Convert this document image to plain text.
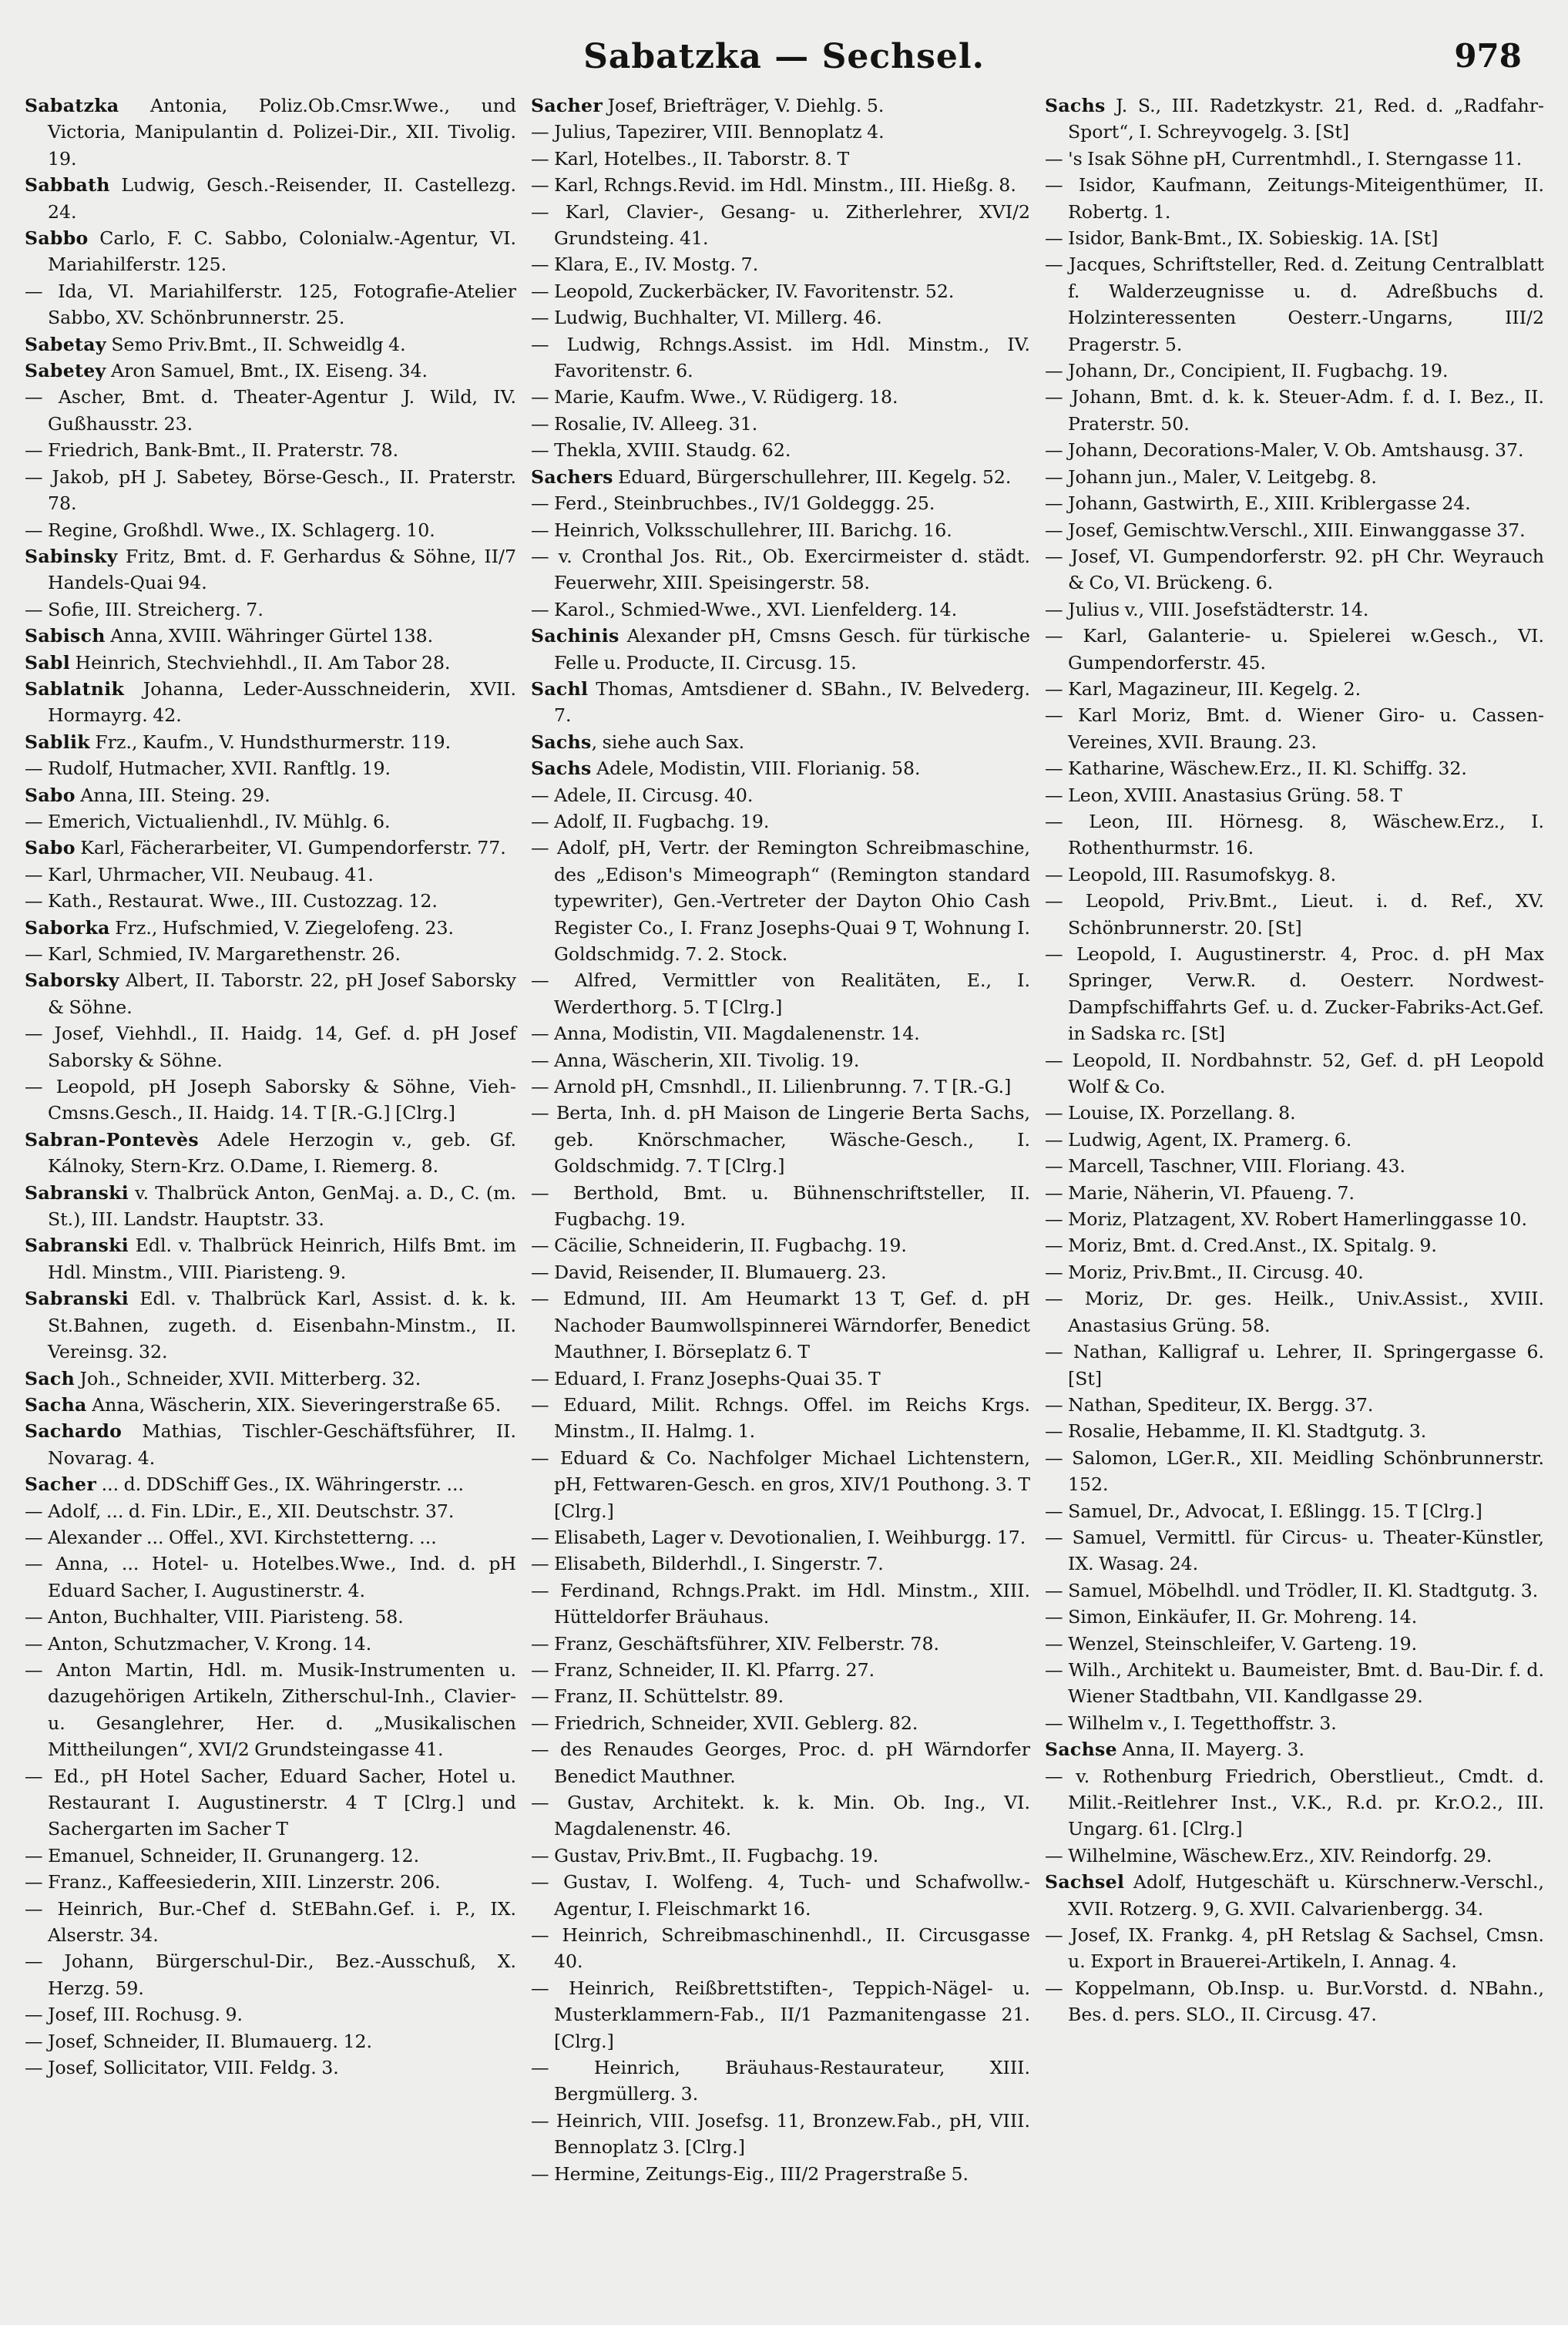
Sabatzka — Sechsel.	978
Sabatzka Antonia, Poliz.Ob.Cmsr.Wwe., und Victoria, Manipulantin d. Polizei-Dir., XII. Tivolig. 19.
Sabbath Ludwig, Gesch.-Reisender, II. Castellezg. 24.
Sabbo Carlo, F. C. Sabbo, Colonialw.-Agentur, VI. Mariahilferstr. 125.
— Ida, VI. Mariahilferstr. 125, Fotografie-Atelier Sabbo, XV. Schönbrunnerstr. 25.
Sabetay Semo Priv.Bmt., II. Schweidlg 4.
Sabetey Aron Samuel, Bmt., IX. Eiseng. 34.
— Ascher, Bmt. d. Theater-Agentur J. Wild, IV. Gußhausstr. 23.
— Friedrich, Bank-Bmt., II. Praterstr. 78.
— Jakob, pH J. Sabetey, Börse-Gesch., II. Praterstr. 78.
— Regine, Großhdl. Wwe., IX. Schlagerg. 10.
Sabinsky Fritz, Bmt. d. F. Gerhardus & Söhne, II/7 Handels-Quai 94.
— Sofie, III. Streicherg. 7.
Sabisch Anna, XVIII. Währinger Gürtel 138.
Sabl Heinrich, Stechviehhdl., II. Am Tabor 28.
Sablatnik Johanna, Leder-Ausschneiderin, XVII. Hormayrg. 42.
Sablik Frz., Kaufm., V. Hundsthurmerstr. 119.
— Rudolf, Hutmacher, XVII. Ranftlg. 19.
Sabo Anna, III. Steing. 29.
— Emerich, Victualienhdl., IV. Mühlg. 6.
Sabo Karl, Fächerarbeiter, VI. Gumpendorferstr. 77.
— Karl, Uhrmacher, VII. Neubaug. 41.
— Kath., Restaurat. Wwe., III. Custozzag. 12.
Saborka Frz., Hufschmied, V. Ziegelofeng. 23.
— Karl, Schmied, IV. Margarethenstr. 26.
Saborsky Albert, II. Taborstr. 22, pH Josef Saborsky & Söhne.
— Josef, Viehhdl., II. Haidg. 14, Gef. d. pH Josef Saborsky & Söhne.
— Leopold, pH Joseph Saborsky & Söhne, Vieh-Cmsns.Gesch., II. Haidg. 14. T [R.-G.] [Clrg.]
Sabran-Pontevès Adele Herzogin v., geb. Gf. Kálnoky, Stern-Krz. O.Dame, I. Riemerg. 8.
Sabranski v. Thalbrück Anton, GenMaj. a. D., C. (m. St.), III. Landstr. Hauptstr. 33.
Sabranski Edl. v. Thalbrück Heinrich, Hilfs Bmt. im Hdl. Minstm., VIII. Piaristeng. 9.
Sabranski Edl. v. Thalbrück Karl, Assist. d. k. k. St.Bahnen, zugeth. d. Eisenbahn-Minstm., II. Vereinsg. 32.
Sach Joh., Schneider, XVII. Mitterberg. 32.
Sacha Anna, Wäscherin, XIX. Sieveringerstraße 65.
Sachardo Mathias, Tischler-Geschäftsführer, II. Novarag. 4.
Sacher ... d. DDSchiff Ges., IX. Währingerstr. ...
— Adolf, ... d. Fin. LDir., E., XII. Deutschstr. 37.
— Alexander ... Offel., XVI. Kirchstetterng. ...
— Anna, ... Hotel- u. Hotelbes.Wwe., Ind. d. pH Eduard Sacher, I. Augustinerstr. 4.
— Anton, Buchhalter, VIII. Piaristeng. 58.
— Anton, Schutzmacher, V. Krong. 14.
— Anton Martin, Hdl. m. Musik-Instrumenten u. dazugehörigen Artikeln, Zitherschul-Inh., Clavier- u. Gesanglehrer, Her. d. „Musikalischen Mittheilungen“, XVI/2 Grundsteingasse 41.
— Ed., pH Hotel Sacher, Eduard Sacher, Hotel u. Restaurant I. Augustinerstr. 4 T [Clrg.] und Sachergarten im Sacher T
— Emanuel, Schneider, II. Grunangerg. 12.
— Franz., Kaffeesiederin, XIII. Linzerstr. 206.
— Heinrich, Bur.-Chef d. StEBahn.Gef. i. P., IX. Alserstr. 34.
— Johann, Bürgerschul-Dir., Bez.-Ausschuß, X. Herzg. 59.
— Josef, III. Rochusg. 9.
— Josef, Schneider, II. Blumauerg. 12.
— Josef, Sollicitator, VIII. Feldg. 3.
Sacher Josef, Briefträger, V. Diehlg. 5.
— Julius, Tapezirer, VIII. Bennoplatz 4.
— Karl, Hotelbes., II. Taborstr. 8. T
— Karl, Rchngs.Revid. im Hdl. Minstm., III. Hießg. 8.
— Karl, Clavier-, Gesang- u. Zitherlehrer, XVI/2 Grundsteing. 41.
— Klara, E., IV. Mostg. 7.
— Leopold, Zuckerbäcker, IV. Favoritenstr. 52.
— Ludwig, Buchhalter, VI. Millerg. 46.
— Ludwig, Rchngs.Assist. im Hdl. Minstm., IV. Favoritenstr. 6.
— Marie, Kaufm. Wwe., V. Rüdigerg. 18.
— Rosalie, IV. Alleeg. 31.
— Thekla, XVIII. Staudg. 62.
Sachers Eduard, Bürgerschullehrer, III. Kegelg. 52.
— Ferd., Steinbruchbes., IV/1 Goldeggg. 25.
— Heinrich, Volksschullehrer, III. Barichg. 16.
— v. Cronthal Jos. Rit., Ob. Exercirmeister d. städt. Feuerwehr, XIII. Speisingerstr. 58.
— Karol., Schmied-Wwe., XVI. Lienfelderg. 14.
Sachinis Alexander pH, Cmsns Gesch. für türkische Felle u. Producte, II. Circusg. 15.
Sachl Thomas, Amtsdiener d. SBahn., IV. Belvederg. 7.
Sachs, siehe auch Sax.
Sachs Adele, Modistin, VIII. Florianig. 58.
— Adele, II. Circusg. 40.
— Adolf, II. Fugbachg. 19.
— Adolf, pH, Vertr. der Remington Schreibmaschine, des „Edison's Mimeograph“ (Remington standard typewriter), Gen.-Vertreter der Dayton Ohio Cash Register Co., I. Franz Josephs-Quai 9 T, Wohnung I. Goldschmidg. 7. 2. Stock.
— Alfred, Vermittler von Realitäten, E., I. Werderthorg. 5. T [Clrg.]
— Anna, Modistin, VII. Magdalenenstr. 14.
— Anna, Wäscherin, XII. Tivolig. 19.
— Arnold pH, Cmsnhdl., II. Lilienbrunng. 7. T [R.-G.]
— Berta, Inh. d. pH Maison de Lingerie Berta Sachs, geb. Knörschmacher, Wäsche-Gesch., I. Goldschmidg. 7. T [Clrg.]
— Berthold, Bmt. u. Bühnenschriftsteller, II. Fugbachg. 19.
— Cäcilie, Schneiderin, II. Fugbachg. 19.
— David, Reisender, II. Blumauerg. 23.
— Edmund, III. Am Heumarkt 13 T, Gef. d. pH Nachoder Baumwollspinnerei Wärndorfer, Benedict Mauthner, I. Börseplatz 6. T
— Eduard, I. Franz Josephs-Quai 35. T
— Eduard, Milit. Rchngs. Offel. im Reichs Krgs. Minstm., II. Halmg. 1.
— Eduard & Co. Nachfolger Michael Lichtenstern, pH, Fettwaren-Gesch. en gros, XIV/1 Pouthong. 3. T [Clrg.]
— Elisabeth, Lager v. Devotionalien, I. Weihburgg. 17.
— Elisabeth, Bilderhdl., I. Singerstr. 7.
— Ferdinand, Rchngs.Prakt. im Hdl. Minstm., XIII. Hütteldorfer Bräuhaus.
— Franz, Geschäftsführer, XIV. Felberstr. 78.
— Franz, Schneider, II. Kl. Pfarrg. 27.
— Franz, II. Schüttelstr. 89.
— Friedrich, Schneider, XVII. Geblerg. 82.
— des Renaudes Georges, Proc. d. pH Wärndorfer Benedict Mauthner.
— Gustav, Architekt. k. k. Min. Ob. Ing., VI. Magdalenenstr. 46.
— Gustav, Priv.Bmt., II. Fugbachg. 19.
— Gustav, I. Wolfeng. 4, Tuch- und Schafwollw.-Agentur, I. Fleischmarkt 16.
— Heinrich, Schreibmaschinenhdl., II. Circusgasse 40.
— Heinrich, Reißbrettstiften-, Teppich-Nägel- u. Musterklammern-Fab., II/1 Pazmanitengasse 21. [Clrg.]
— Heinrich, Bräuhaus-Restaurateur, XIII. Bergmüllerg. 3.
— Heinrich, VIII. Josefsg. 11, Bronzew.Fab., pH, VIII. Bennoplatz 3. [Clrg.]
— Hermine, Zeitungs-Eig., III/2 Pragerstraße 5.
Sachs J. S., III. Radetzkystr. 21, Red. d. „Radfahr-Sport“, I. Schreyvogelg. 3. [St]
— 's Isak Söhne pH, Currentmhdl., I. Sterngasse 11.
— Isidor, Kaufmann, Zeitungs-Miteigenthümer, II. Robertg. 1.
— Isidor, Bank-Bmt., IX. Sobieskig. 1A. [St]
— Jacques, Schriftsteller, Red. d. Zeitung Centralblatt f. Walderzeugnisse u. d. Adreßbuchs d. Holzinteressenten Oesterr.-Ungarns, III/2 Pragerstr. 5.
— Johann, Dr., Concipient, II. Fugbachg. 19.
— Johann, Bmt. d. k. k. Steuer-Adm. f. d. I. Bez., II. Praterstr. 50.
— Johann, Decorations-Maler, V. Ob. Amtshausg. 37.
— Johann jun., Maler, V. Leitgebg. 8.
— Johann, Gastwirth, E., XIII. Kriblergasse 24.
— Josef, Gemischtw.Verschl., XIII. Einwanggasse 37.
— Josef, VI. Gumpendorferstr. 92. pH Chr. Weyrauch & Co, VI. Brückeng. 6.
— Julius v., VIII. Josefstädterstr. 14.
— Karl, Galanterie- u. Spielerei w.Gesch., VI. Gumpendorferstr. 45.
— Karl, Magazineur, III. Kegelg. 2.
— Karl Moriz, Bmt. d. Wiener Giro- u. Cassen-Vereines, XVII. Braung. 23.
— Katharine, Wäschew.Erz., II. Kl. Schiffg. 32.
— Leon, XVIII. Anastasius Grüng. 58. T
— Leon, III. Hörnesg. 8, Wäschew.Erz., I. Rothenthurmstr. 16.
— Leopold, III. Rasumofskyg. 8.
— Leopold, Priv.Bmt., Lieut. i. d. Ref., XV. Schönbrunnerstr. 20. [St]
— Leopold, I. Augustinerstr. 4, Proc. d. pH Max Springer, Verw.R. d. Oesterr. Nordwest-Dampfschiffahrts Gef. u. d. Zucker-Fabriks-Act.Gef. in Sadska rc. [St]
— Leopold, II. Nordbahnstr. 52, Gef. d. pH Leopold Wolf & Co.
— Louise, IX. Porzellang. 8.
— Ludwig, Agent, IX. Pramerg. 6.
— Marcell, Taschner, VIII. Floriang. 43.
— Marie, Näherin, VI. Pfaueng. 7.
— Moriz, Platzagent, XV. Robert Hamerlinggasse 10.
— Moriz, Bmt. d. Cred.Anst., IX. Spitalg. 9.
— Moriz, Priv.Bmt., II. Circusg. 40.
— Moriz, Dr. ges. Heilk., Univ.Assist., XVIII. Anastasius Grüng. 58.
— Nathan, Kalligraf u. Lehrer, II. Springergasse 6. [St]
— Nathan, Spediteur, IX. Bergg. 37.
— Rosalie, Hebamme, II. Kl. Stadtgutg. 3.
— Salomon, LGer.R., XII. Meidling Schönbrunnerstr. 152.
— Samuel, Dr., Advocat, I. Eßlingg. 15. T [Clrg.]
— Samuel, Vermittl. für Circus- u. Theater-Künstler, IX. Wasag. 24.
— Samuel, Möbelhdl. und Trödler, II. Kl. Stadtgutg. 3.
— Simon, Einkäufer, II. Gr. Mohreng. 14.
— Wenzel, Steinschleifer, V. Garteng. 19.
— Wilh., Architekt u. Baumeister, Bmt. d. Bau-Dir. f. d. Wiener Stadtbahn, VII. Kandlgasse 29.
— Wilhelm v., I. Tegetthoffstr. 3.
Sachse Anna, II. Mayerg. 3.
— v. Rothenburg Friedrich, Oberstlieut., Cmdt. d. Milit.-Reitlehrer Inst., V.K., R.d. pr. Kr.O.2., III. Ungarg. 61. [Clrg.]
— Wilhelmine, Wäschew.Erz., XIV. Reindorfg. 29.
Sachsel Adolf, Hutgeschäft u. Kürschnerw.-Verschl., XVII. Rotzerg. 9, G. XVII. Calvarienbergg. 34.
— Josef, IX. Frankg. 4, pH Retslag & Sachsel, Cmsn. u. Export in Brauerei-Artikeln, I. Annag. 4.
— Koppelmann, Ob.Insp. u. Bur.Vorstd. d. NBahn., Bes. d. pers. SLO., II. Circusg. 47.
